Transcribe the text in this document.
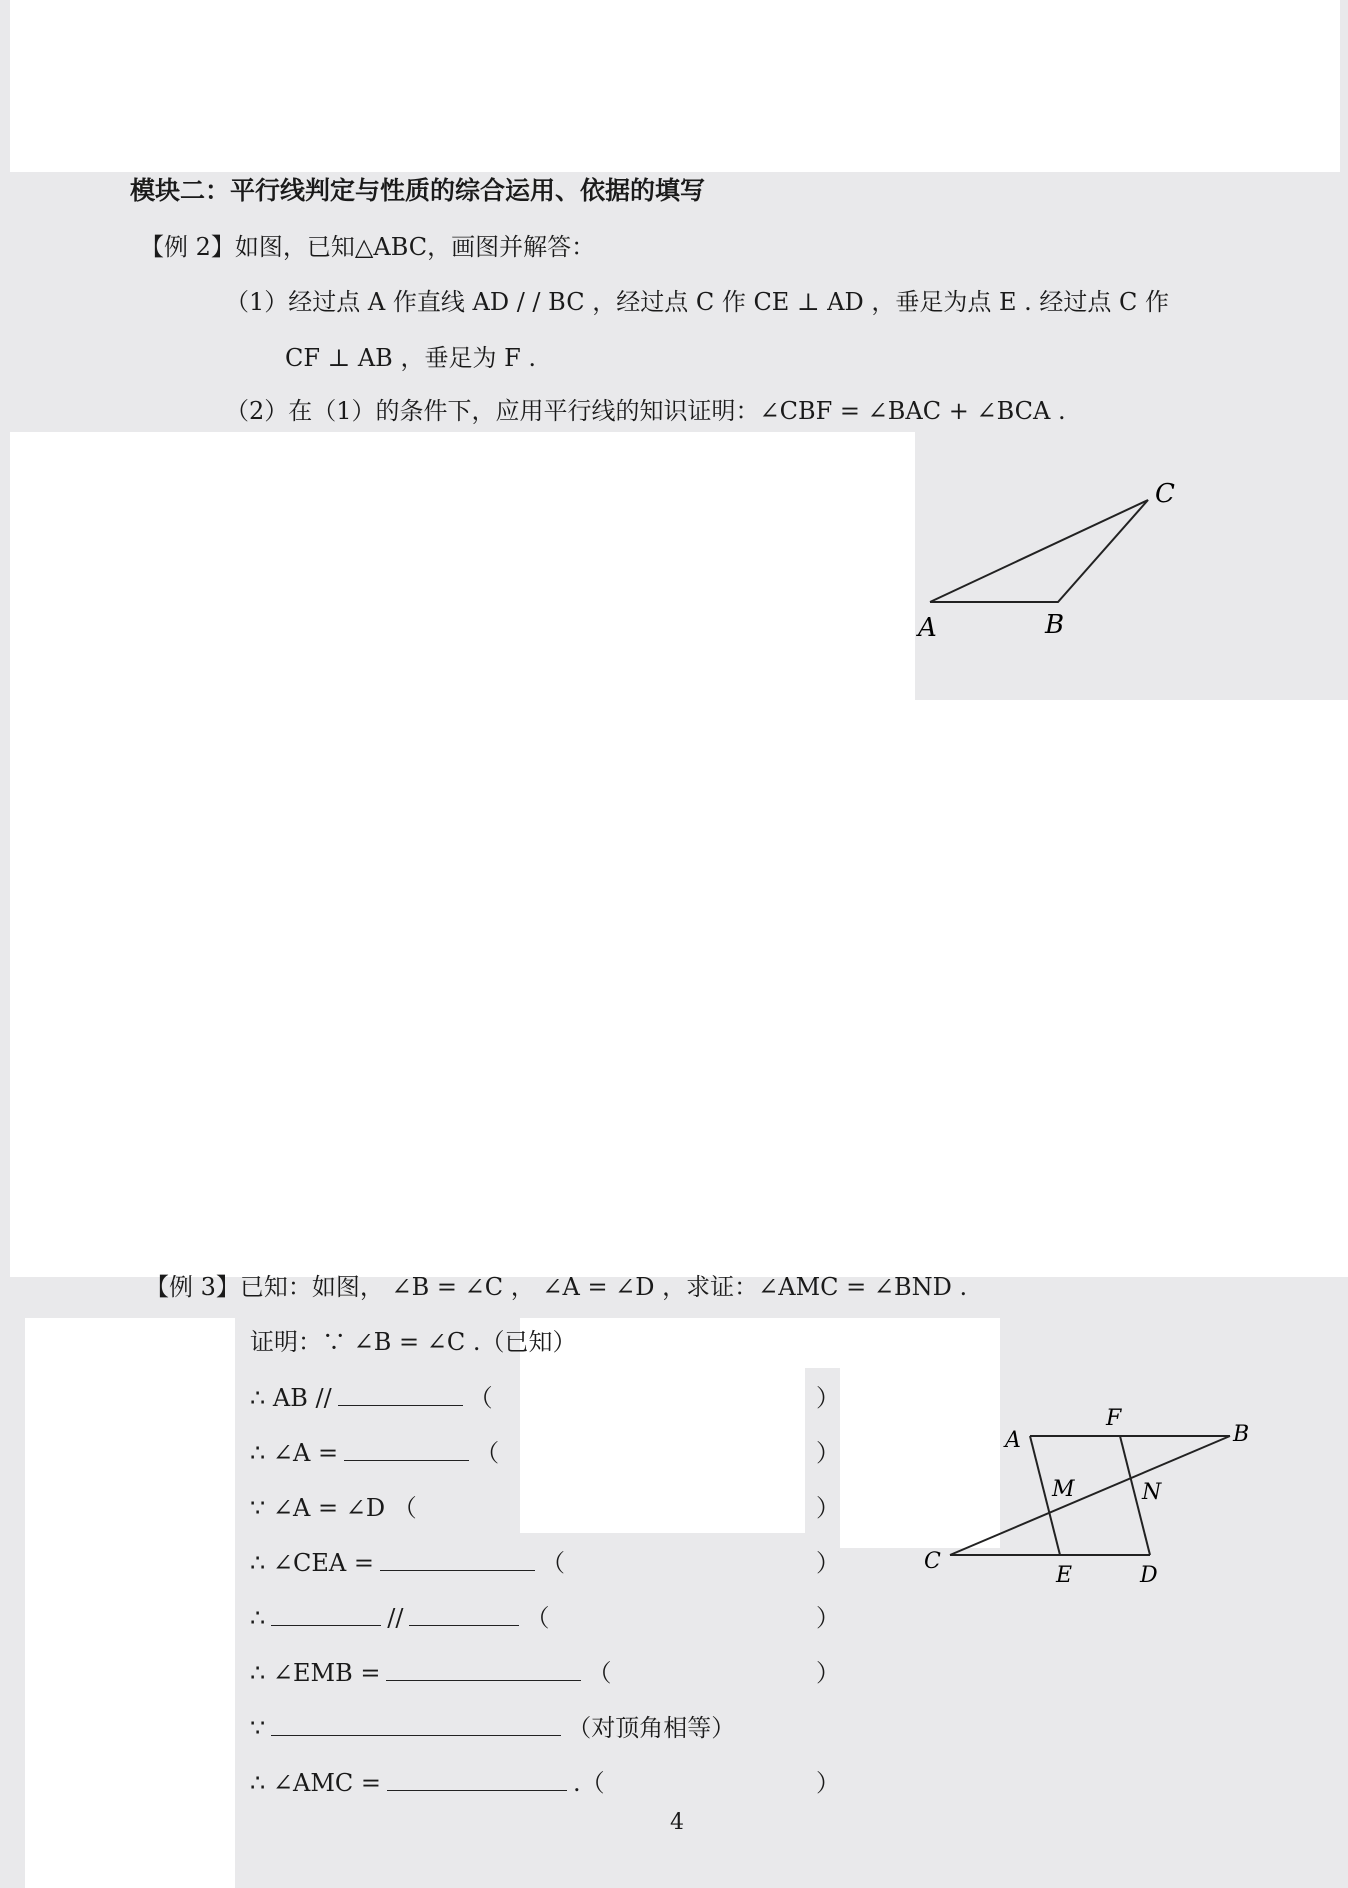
模块二：平行线判定与性质的综合运用、依据的填写
【例 2】如图，已知△ABC，画图并解答：
（1）经过点 A 作直线 AD / / BC ，经过点 C 作 CE ⊥ AD ，垂足为点 E . 经过点 C 作
CF ⊥ AB ，垂足为 F .
（2）在（1）的条件下，应用平行线的知识证明：∠CBF = ∠BAC + ∠BCA .
A	B
C
【例 3】已知：如图， ∠B = ∠C ， ∠A = ∠D ，求证：∠AMC = ∠BND .
证明：∵ ∠B = ∠C .（已知）
∴ AB //	（	）
∴ ∠A =	（	）
∵ ∠A = ∠D （	）
∴ ∠CEA =	（	）
∴	//	（	）
∴ ∠EMB =	（	）
∵	（对顶角相等）
∴ ∠AMC =	.（	）
A
F
B
M	N
C
E	D
4
